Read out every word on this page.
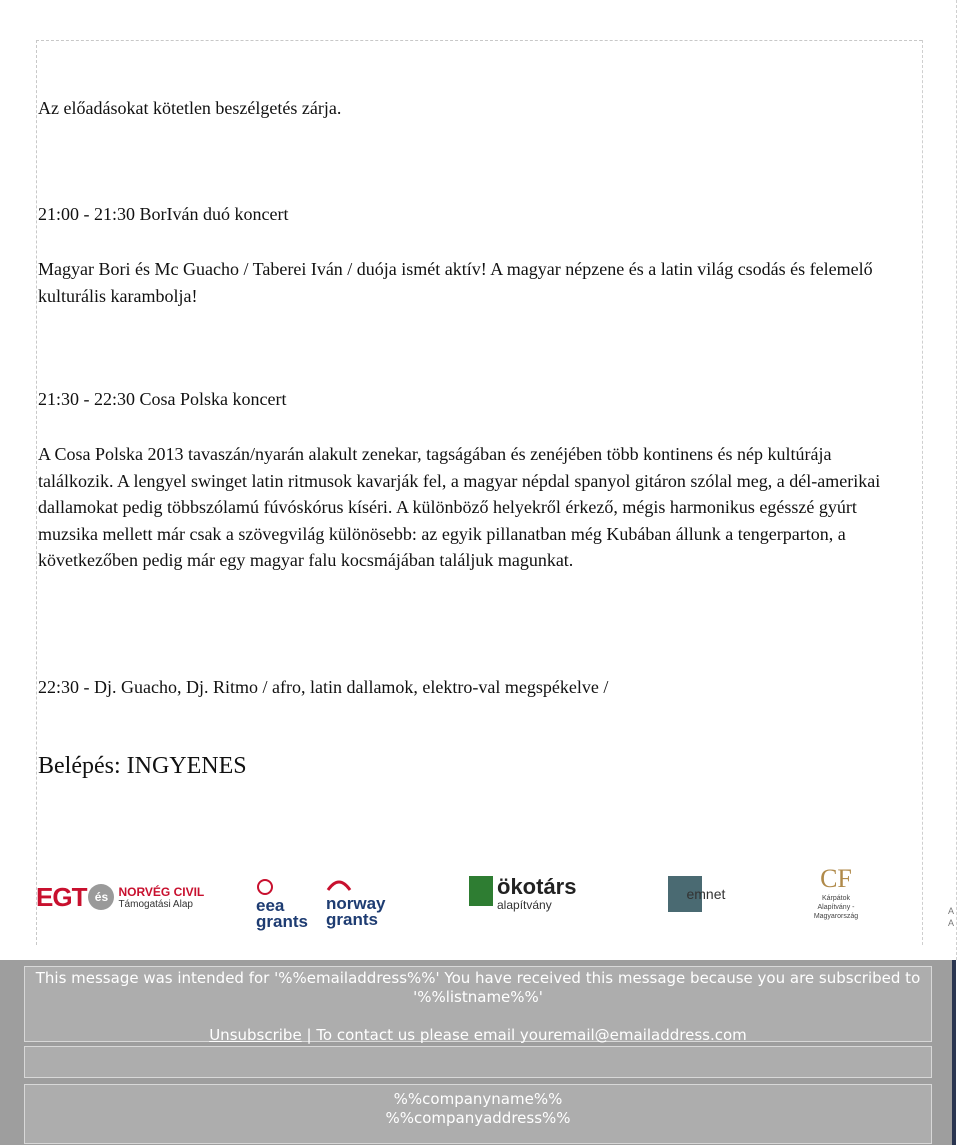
Az előadásokat kötetlen beszélgetés zárja.

21:00 - 21:30 BorIván duó koncert

Magyar Bori és Mc Guacho / Taberei Iván / duója ismét aktív! A magyar népzene és a latin világ csodás és felemelő kulturális karambolja!

21:30 - 22:30 Cosa Polska koncert

A Cosa Polska 2013 tavaszán/nyarán alakult zenekar, tagságában és zenéjében több kontinens és nép kultúrája találkozik. A lengyel swinget latin ritmusok kavarják fel, a magyar népdal spanyol gitáron szólal meg, a dél-amerikai dallamokat pedig többszólamú fúvóskórus kíséri. A különböző helyekről érkező, mégis harmonikus egésszé gyúrt muzsika mellett már csak a szövegvilág különösebb: az egyik pillanatban még Kubában állunk a tengerparton, a következőben pedig már egy magyar falu kocsmájában találjuk magunkat.

22:30 - Dj. Guacho, Dj. Ritmo / afro, latin dallamok, elektro-val megspékelve /

Belépés: INGYENES

EGT és NORVÉG CIVIL
Támogatási Alap	eea
grants
norway
grants
ökotárs
alapítvány
emnet
CF
Kárpátok
Alapítvány -
Magyarország
A
A

This message was intended for '%%emailaddress%%' You have received this message because you are subscribed to '%%listname%%'

Unsubscribe | To contact us please email youremail@emailaddress.com

%%companyname%%

%%companyaddress%%
